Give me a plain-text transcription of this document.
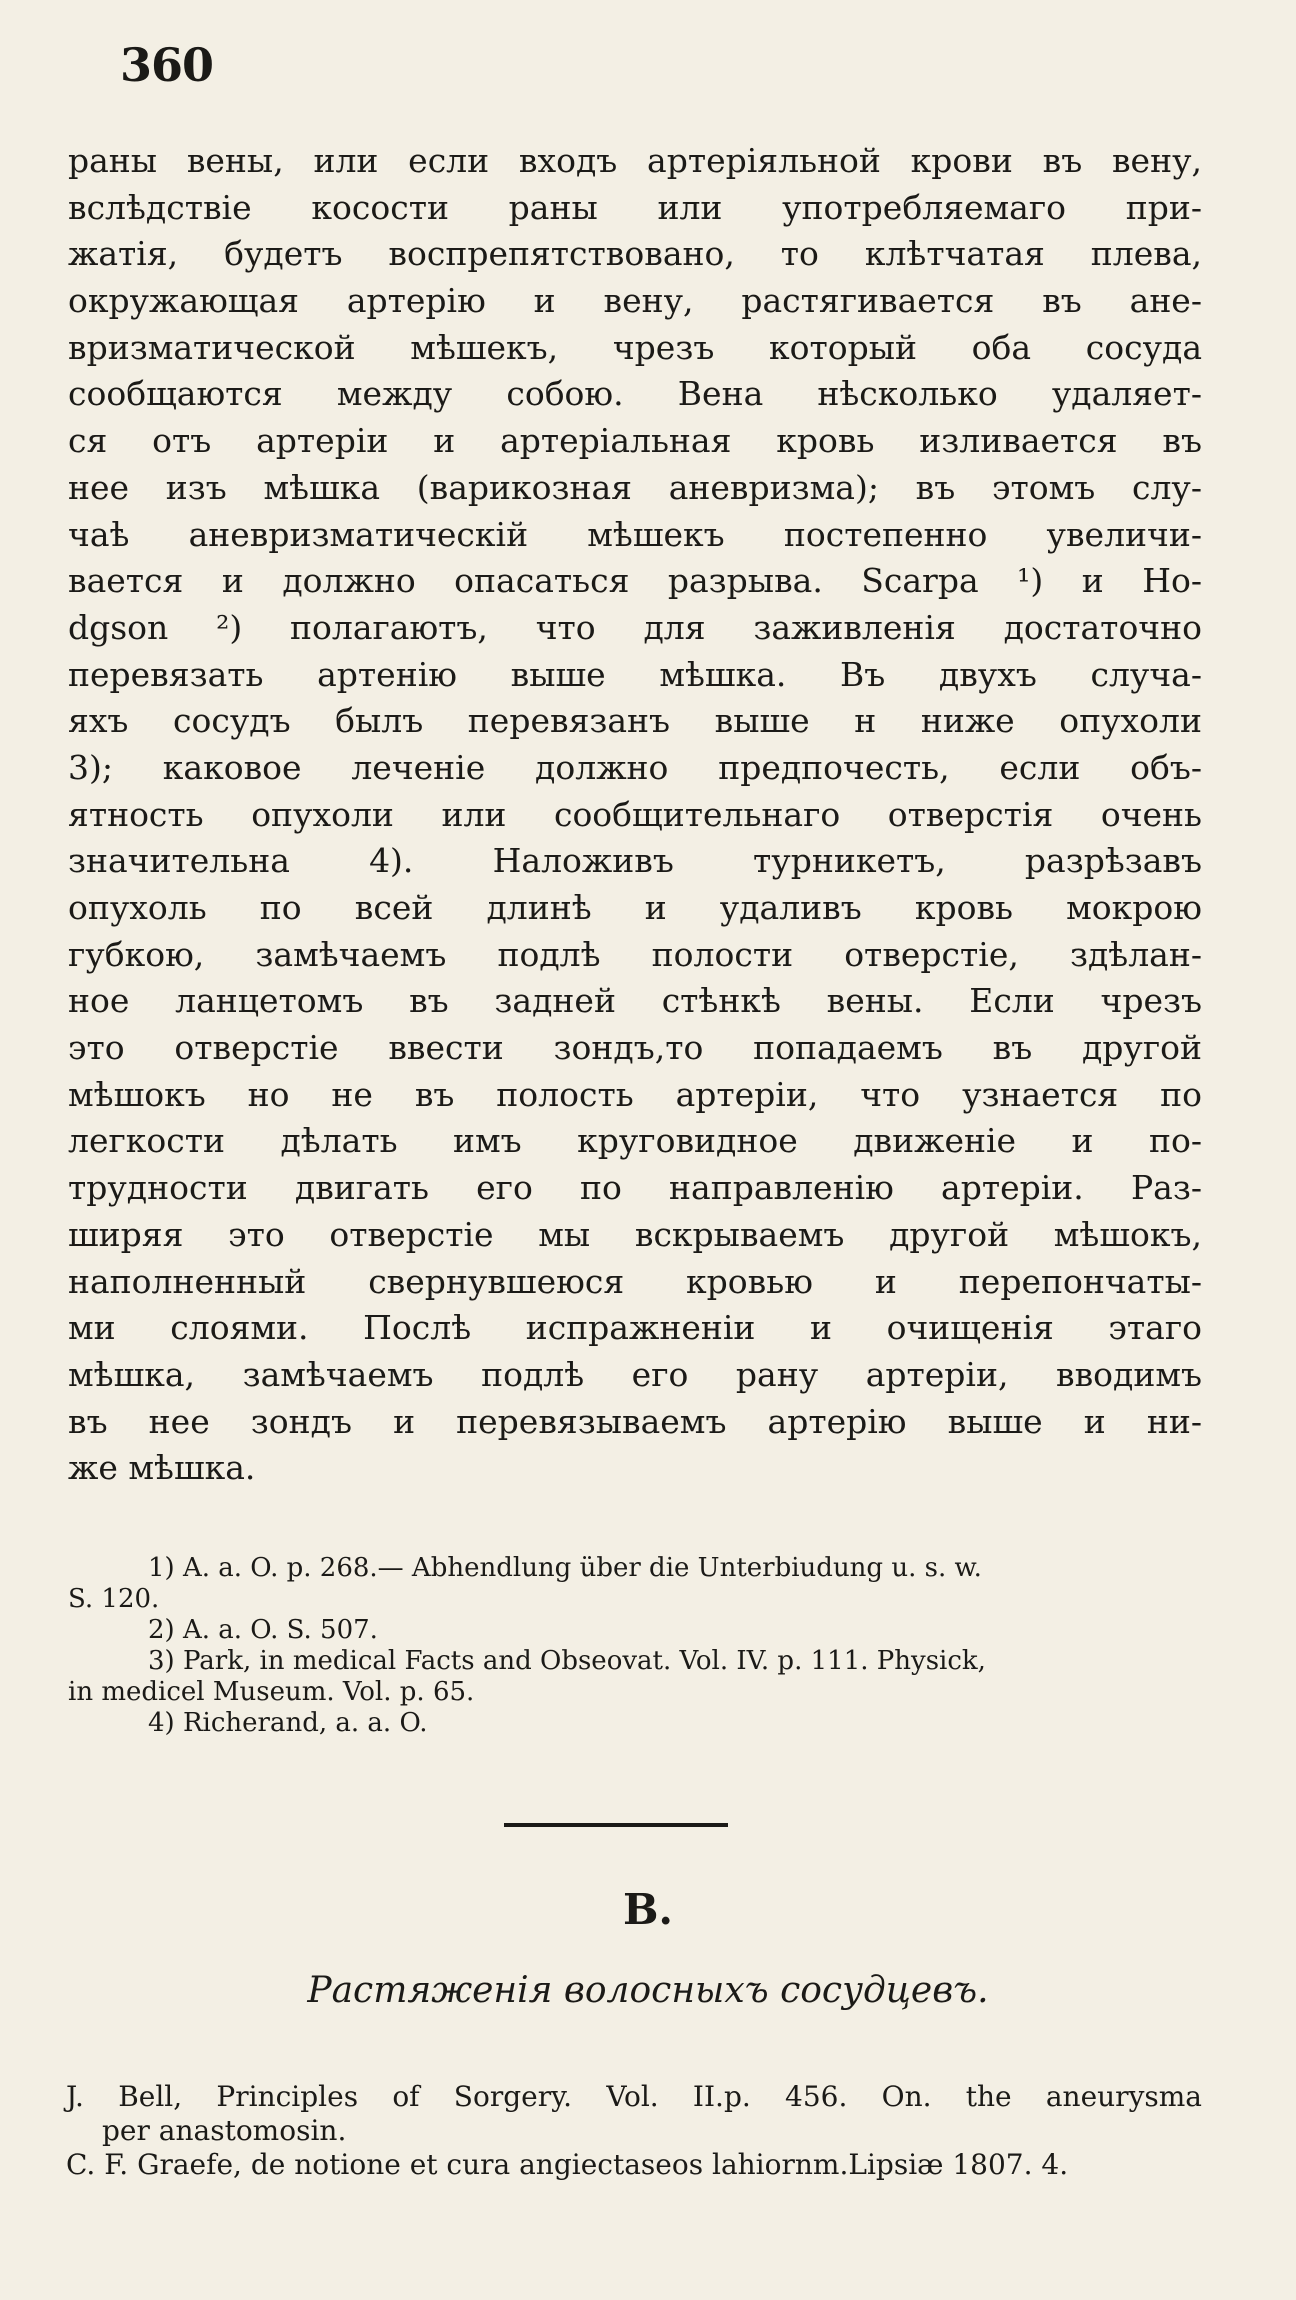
360
раны вены, или если входъ артеріяльной крови въ вену,
вслѣдствіе косости раны или употребляемаго при-
жатія, будетъ воспрепятствовано, то клѣтчатая плева,
окружающая артерію и вену, растягивается въ ане-
вризматической мѣшекъ, чрезъ который оба сосуда
сообщаются между собою. Вена нѣсколько удаляет-
ся отъ артеріи и артеріальная кровь изливается въ
нее изъ мѣшка (варикозная аневризма); въ этомъ слу-
чаѣ аневризматическій мѣшекъ постепенно увеличи-
вается и должно опасаться разрыва. Scarpa ¹) и Ho-
dgson ²) полагаютъ, что для заживленія достаточно
перевязать артенію выше мѣшка. Въ двухъ случа-
яхъ сосудъ былъ перевязанъ выше н ниже опухоли
3); каковое леченіе должно предпочесть, если объ-
ятность опухоли или сообщительнаго отверстія очень
значительна 4). Наложивъ турникетъ, разрѣзавъ
опухоль по всей длинѣ и удаливъ кровь мокрою
губкою, замѣчаемъ подлѣ полости отверстіе, здѣлан-
ное ланцетомъ въ задней стѣнкѣ вены. Если чрезъ
это отверстіе ввести зондъ,то попадаемъ въ другой
мѣшокъ но не въ полость артеріи, что узнается по
легкости дѣлать имъ круговидное движеніе и по-
трудности двигать его по направленію артеріи. Раз-
ширяя это отверстіе мы вскрываемъ другой мѣшокъ,
наполненный свернувшеюся кровью и перепончаты-
ми слоями. Послѣ испражненіи и очищенія этаго
мѣшка, замѣчаемъ подлѣ его рану артеріи, вводимъ
въ нее зондъ и перевязываемъ артерію выше и ни-
же мѣшка.
1) A. a. O. p. 268.— Abhendlung über die Unterbiudung u. s. w.
S. 120.
2) A. a. O. S. 507.
3) Park, in medical Facts and Obseovat. Vol. IV. p. 111. Physick,
in medicel Museum. Vol. p. 65.
4) Richerand, a. a. O.
B.
Растяженія волосныхъ сосудцевъ.
J. Bell, Principles of Sorgery. Vol. II.p. 456. On. the aneurysma
per anastomosin.
C. F. Graefe, de notione et cura angiectaseos lahiornm.Lipsiæ 1807. 4.
